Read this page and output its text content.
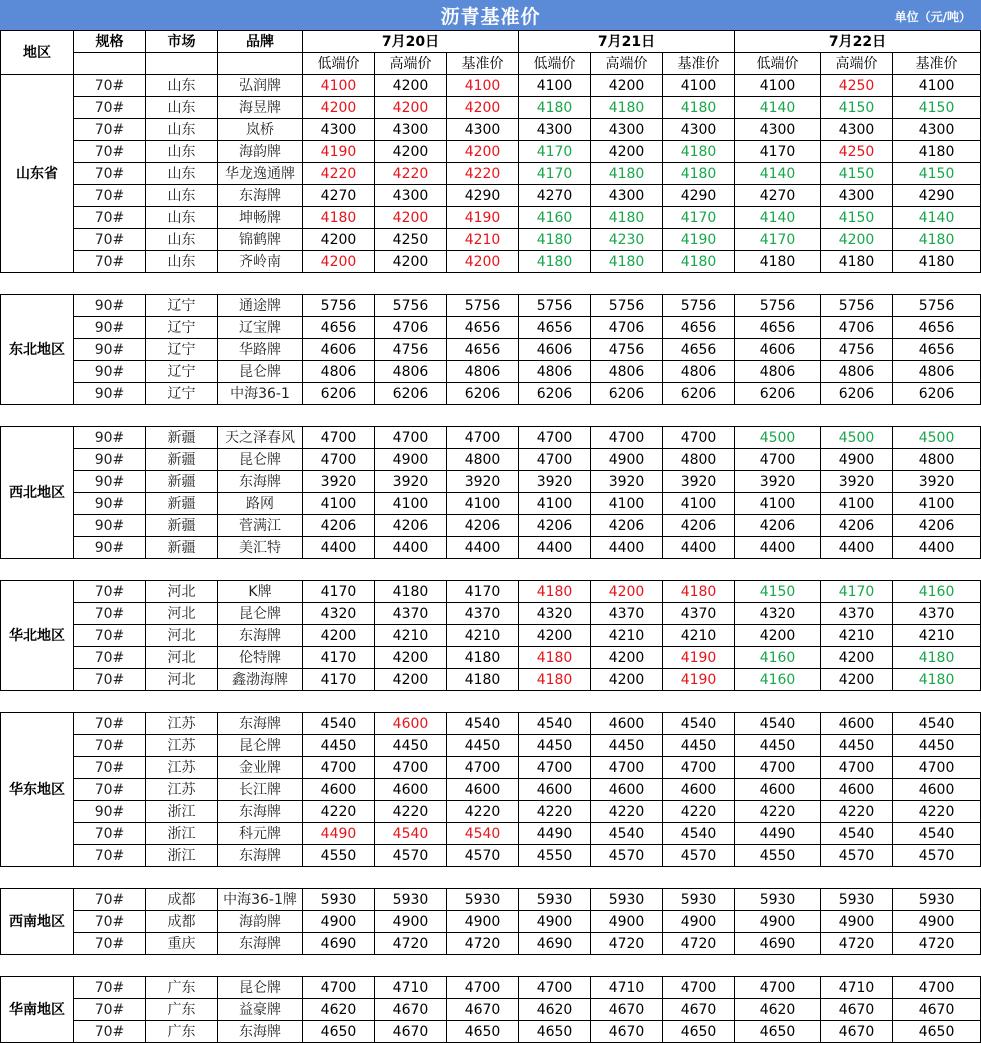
沥青基准价	单位（元/吨）
地区	规格	市场	品牌	7月20日			7月21日			7月22日		
				低端价	高端价	基准价	低端价	高端价	基准价	低端价	高端价	基准价
山东省	70#	山东	弘润牌	4100	4200	4100	4100	4200	4100	4100	4250	4100
	70#	山东	海昱牌	4200	4200	4200	4180	4180	4180	4140	4150	4150
	70#	山东	岚桥	4300	4300	4300	4300	4300	4300	4300	4300	4300
	70#	山东	海韵牌	4190	4200	4200	4170	4200	4180	4170	4250	4180
	70#	山东	华龙逸通牌	4220	4220	4220	4170	4180	4180	4140	4150	4150
	70#	山东	东海牌	4270	4300	4290	4270	4300	4290	4270	4300	4290
	70#	山东	坤畅牌	4180	4200	4190	4160	4180	4170	4140	4150	4140
	70#	山东	锦鹤牌	4200	4250	4210	4180	4230	4190	4170	4200	4180
	70#	山东	齐岭南	4200	4200	4200	4180	4180	4180	4180	4180	4180

东北地区	90#	辽宁	通途牌	5756	5756	5756	5756	5756	5756	5756	5756	5756
	90#	辽宁	辽宝牌	4656	4706	4656	4656	4706	4656	4656	4706	4656
	90#	辽宁	华路牌	4606	4756	4656	4606	4756	4656	4606	4756	4656
	90#	辽宁	昆仑牌	4806	4806	4806	4806	4806	4806	4806	4806	4806
	90#	辽宁	中海36-1	6206	6206	6206	6206	6206	6206	6206	6206	6206

西北地区	90#	新疆	天之泽春风	4700	4700	4700	4700	4700	4700	4500	4500	4500
	90#	新疆	昆仑牌	4700	4900	4800	4700	4900	4800	4700	4900	4800
	90#	新疆	东海牌	3920	3920	3920	3920	3920	3920	3920	3920	3920
	90#	新疆	路网	4100	4100	4100	4100	4100	4100	4100	4100	4100
	90#	新疆	菅满江	4206	4206	4206	4206	4206	4206	4206	4206	4206
	90#	新疆	美汇特	4400	4400	4400	4400	4400	4400	4400	4400	4400

华北地区	70#	河北	K牌	4170	4180	4170	4180	4200	4180	4150	4170	4160
	70#	河北	昆仑牌	4320	4370	4370	4320	4370	4370	4320	4370	4370
	70#	河北	东海牌	4200	4210	4210	4200	4210	4210	4200	4210	4210
	70#	河北	伦特牌	4170	4200	4180	4180	4200	4190	4160	4200	4180
	70#	河北	鑫渤海牌	4170	4200	4180	4180	4200	4190	4160	4200	4180

华东地区	70#	江苏	东海牌	4540	4600	4540	4540	4600	4540	4540	4600	4540
	70#	江苏	昆仑牌	4450	4450	4450	4450	4450	4450	4450	4450	4450
	70#	江苏	金业牌	4700	4700	4700	4700	4700	4700	4700	4700	4700
	70#	江苏	长江牌	4600	4600	4600	4600	4600	4600	4600	4600	4600
	90#	浙江	东海牌	4220	4220	4220	4220	4220	4220	4220	4220	4220
	70#	浙江	科元牌	4490	4540	4540	4490	4540	4540	4490	4540	4540
	70#	浙江	东海牌	4550	4570	4570	4550	4570	4570	4550	4570	4570

西南地区	70#	成都	中海36-1牌	5930	5930	5930	5930	5930	5930	5930	5930	5930
	70#	成都	海韵牌	4900	4900	4900	4900	4900	4900	4900	4900	4900
	70#	重庆	东海牌	4690	4720	4720	4690	4720	4720	4690	4720	4720

华南地区	70#	广东	昆仑牌	4700	4710	4700	4700	4710	4700	4700	4710	4700
	70#	广东	益豪牌	4620	4670	4670	4620	4670	4670	4620	4670	4670
	70#	广东	东海牌	4650	4670	4650	4650	4670	4650	4650	4670	4650
